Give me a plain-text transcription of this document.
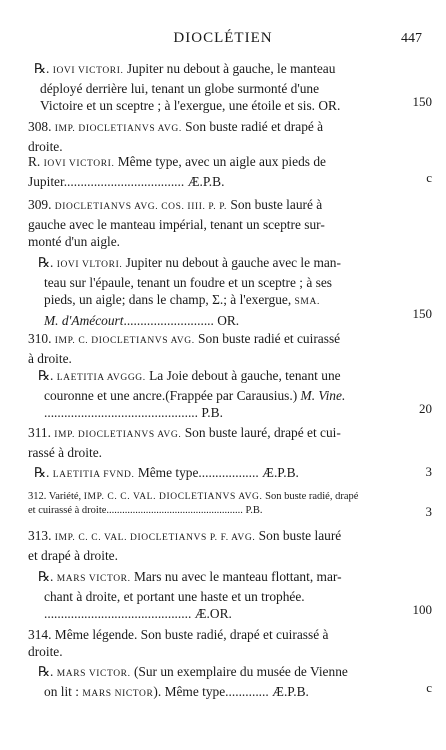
DIOCLÉTIEN	447
150
℞. IOVI VICTORI. Jupiter nu debout à gauche, le manteau
déployé derrière lui, tenant un globe surmonté d'une
Victoire et un sceptre ; à l'exergue, une étoile et sis. OR.
308. IMP. DIOCLETIANVS AVG. Son buste radié et drapé à
droite.
c
R. IOVI VICTORI. Même type, avec un aigle aux pieds de
Jupiter.................................... Æ.P.B.
309. DIOCLETIANVS AVG. COS. IIII. P. P. Son buste lauré à
gauche avec le manteau impérial, tenant un sceptre sur-
monté d'un aigle.
150
℞. IOVI VLTORI. Jupiter nu debout à gauche avec le man-
teau sur l'épaule, tenant un foudre et un sceptre ; à ses
pieds, un aigle; dans le champ, Σ.; à l'exergue, SMA.
M. d'Amécourt........................... OR.
310. IMP. C. DIOCLETIANVS AVG. Son buste radié et cuirassé
à droite.
20
℞. LAETITIA AVGGG. La Joie debout à gauche, tenant une
couronne et une ancre.(Frappée par Carausius.) M. Vine.
.............................................. P.B.
311. IMP. DIOCLETIANVS AVG. Son buste lauré, drapé et cui-
rassé à droite.
3
℞. LAETITIA FVND. Même type.................. Æ.P.B.
3
312. Variété, IMP. C. C. VAL. DIOCLETIANVS AVG. Son buste radié, drapé
et cuirassé à droite.................................................... P.B.
313. IMP. C. C. VAL. DIOCLETIANVS P. F. AVG. Son buste lauré
et drapé à droite.
100
℞. MARS VICTOR. Mars nu avec le manteau flottant, mar-
chant à droite, et portant une haste et un trophée.
............................................ Æ.OR.
314. Même légende. Son buste radié, drapé et cuirassé à
droite.
c
℞. MARS VICTOR. (Sur un exemplaire du musée de Vienne
on lit : MARS NICTOR). Même type............. Æ.P.B.
